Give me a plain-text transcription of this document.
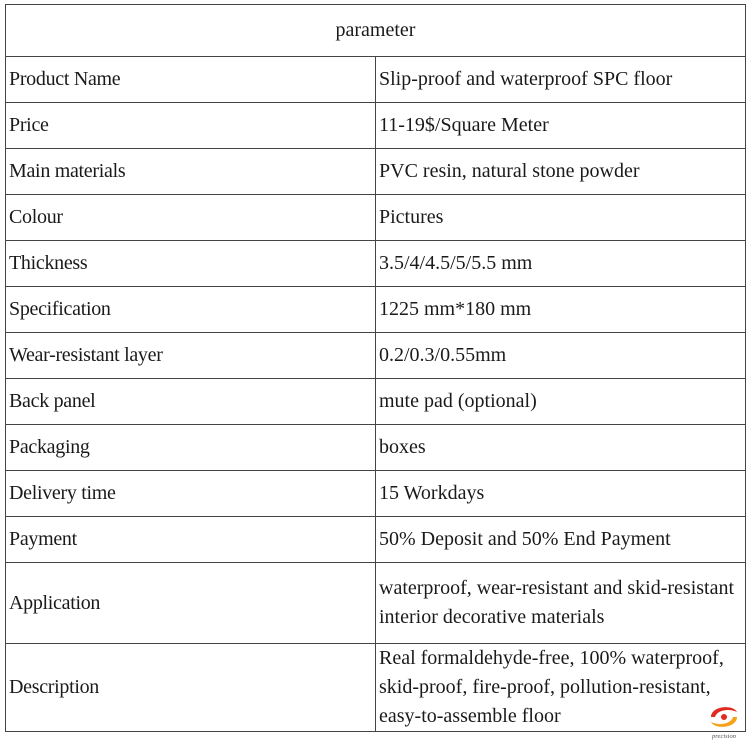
parameter	
Product Name	Slip-proof and waterproof SPC floor
Price	11-19$/Square Meter
Main materials	PVC resin, natural stone powder
Colour	Pictures
Thickness	3.5/4/4.5/5/5.5 mm
Specification	1225 mm*180 mm
Wear-resistant layer	0.2/0.3/0.55mm
Back panel	mute pad (optional)
Packaging	boxes
Delivery time	15 Workdays
Payment	50% Deposit and 50% End Payment
Application	waterproof, wear-resistant and skid-resistant interior decorative materials
Description	Real formaldehyde-free, 100% waterproof, skid-proof, fire-proof, pollution-resistant, easy-to-assemble floor
precision
